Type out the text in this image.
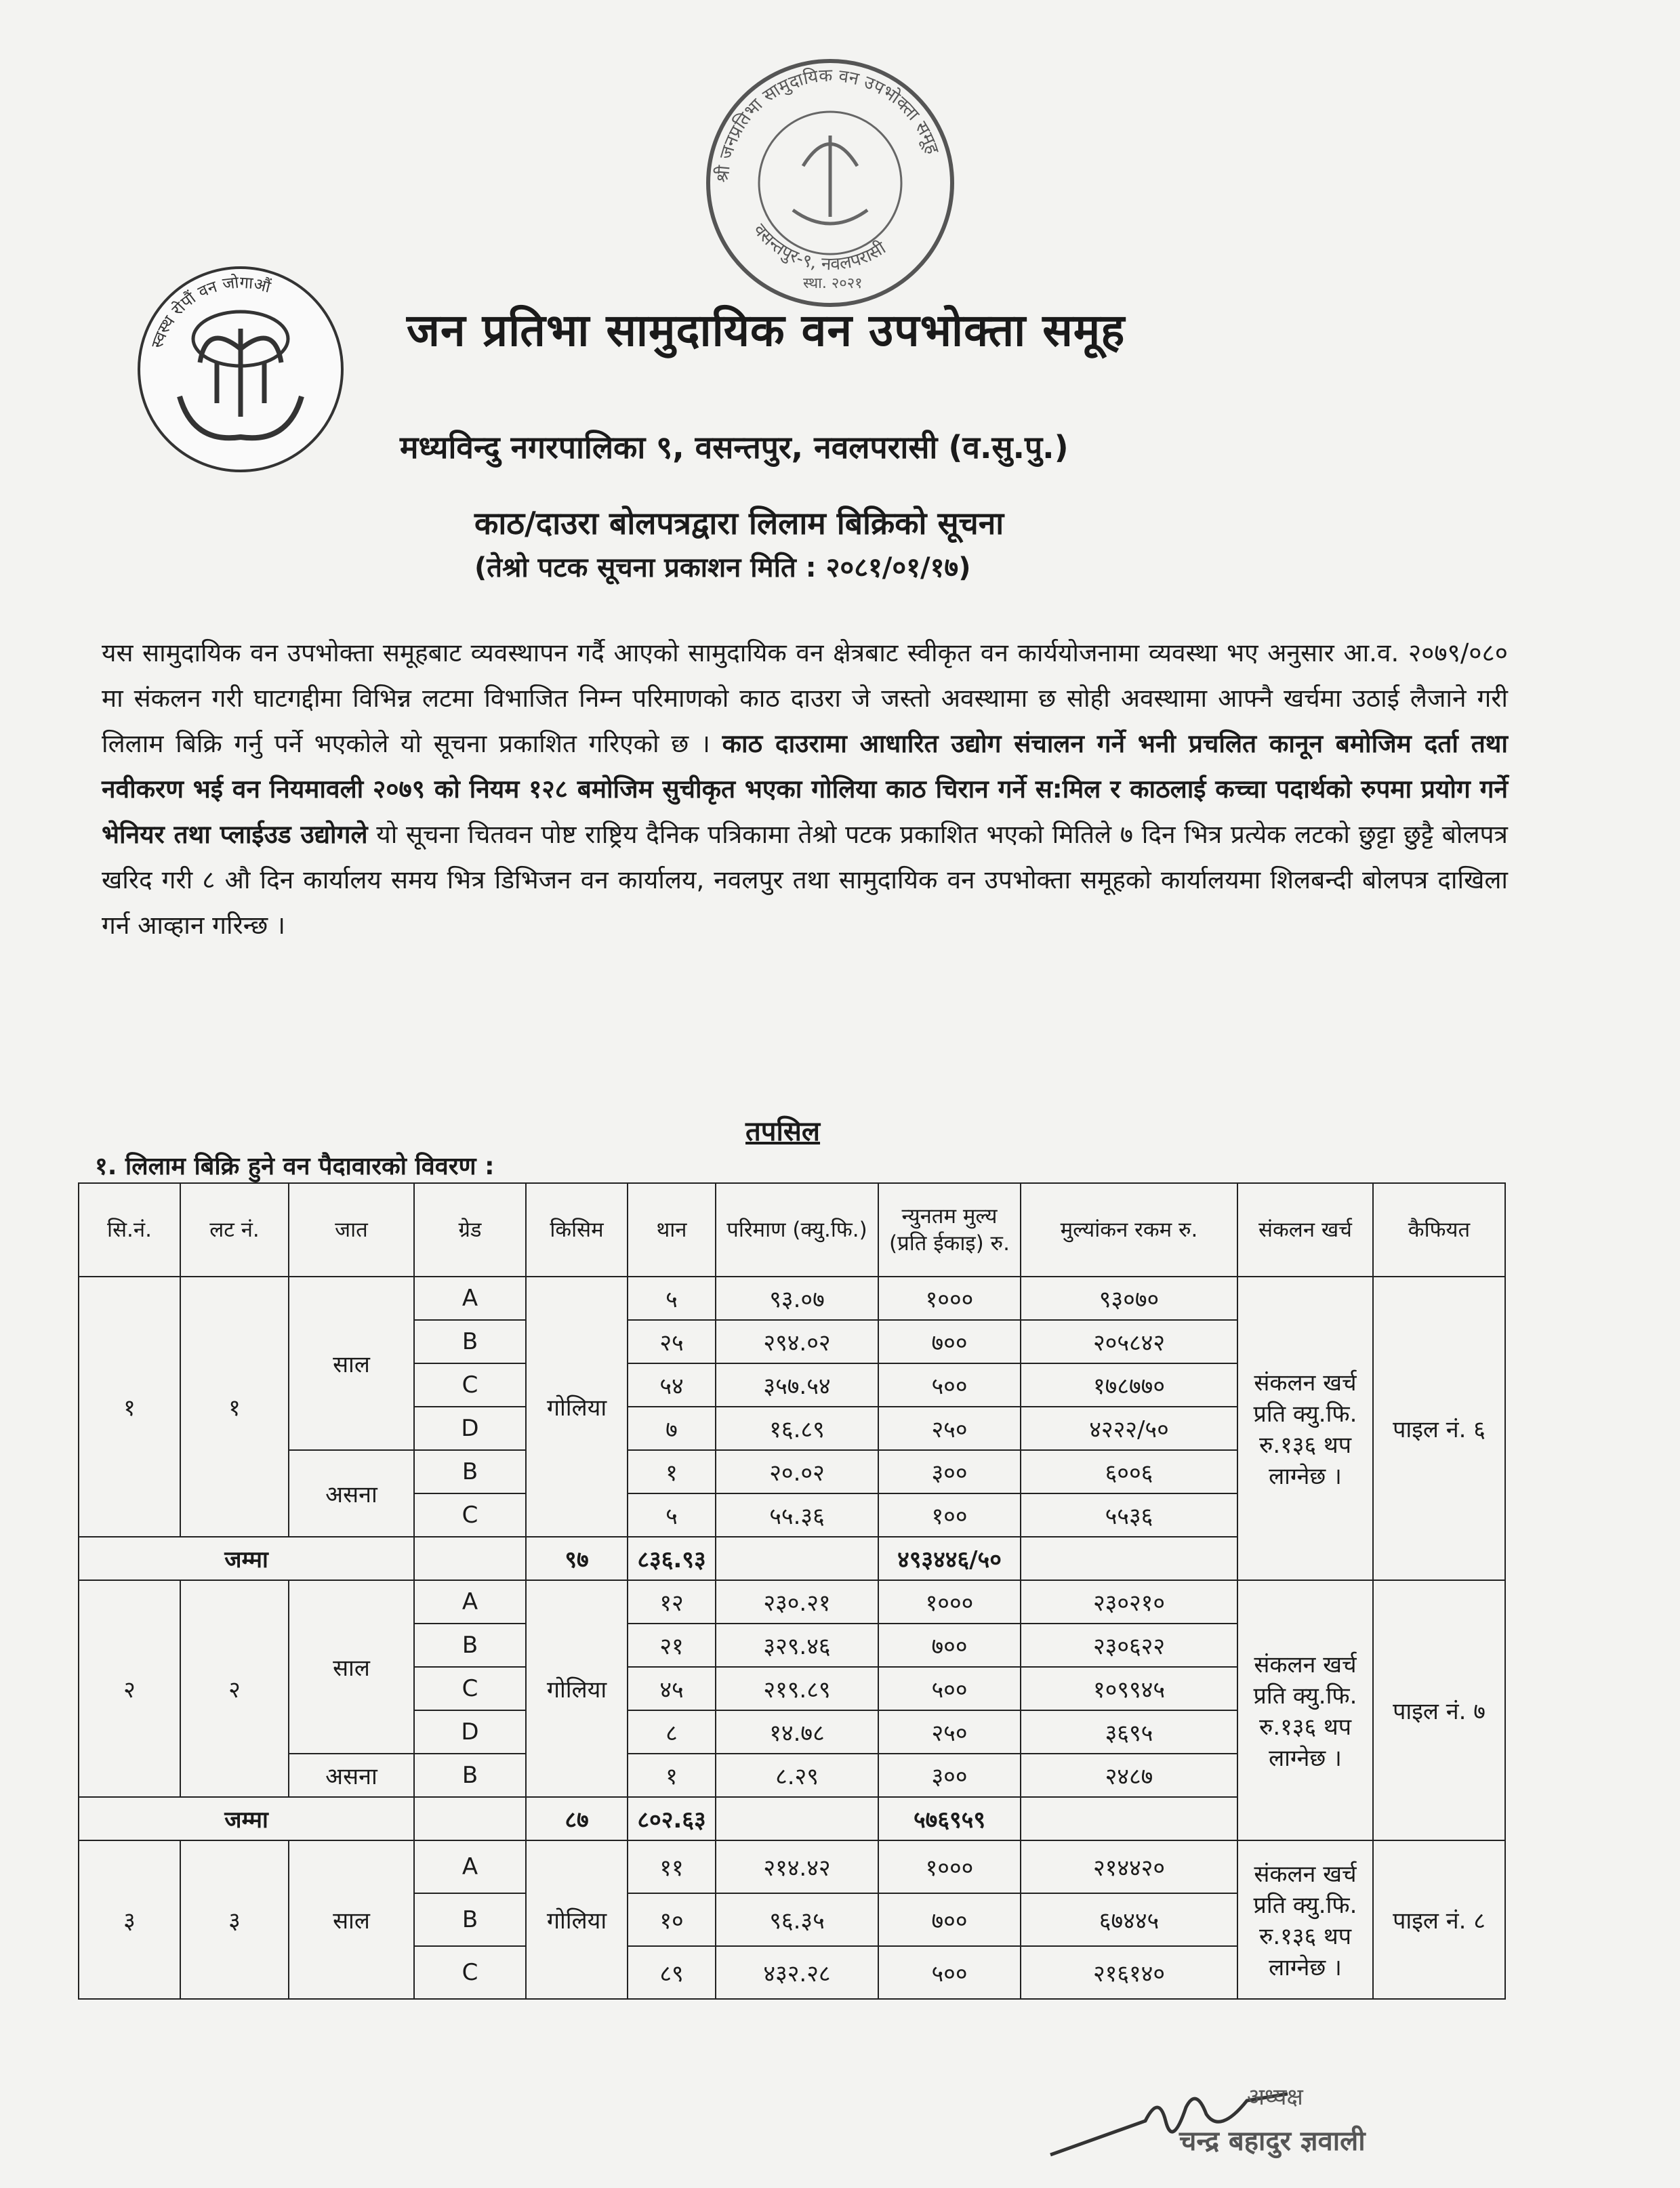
श्री जनप्रतिभा सामुदायिक वन उपभोक्ता समूह
वसन्तपुर-९, नवलपरासी
स्था. २०२१
स्वस्थ रोपौं वन जोगाऔं
जन प्रतिभा सामुदायिक वन उपभोक्ता समूह
मध्यविन्दु नगरपालिका ९, वसन्तपुर, नवलपरासी (व.सु.पु.)
काठ/दाउरा बोलपत्रद्वारा लिलाम बिक्रिको सूचना
(तेश्रो पटक सूचना प्रकाशन मिति : २०८१/०१/१७)
यस सामुदायिक वन उपभोक्ता समूहबाट व्यवस्थापन गर्दै आएको सामुदायिक वन क्षेत्रबाट स्वीकृत वन कार्ययोजनामा व्यवस्था भए अनुसार आ.व. २०७९/०८० मा संकलन गरी घाटगद्दीमा विभिन्न लटमा विभाजित निम्न परिमाणको काठ दाउरा जे जस्तो अवस्थामा छ सोही अवस्थामा आफ्नै खर्चमा उठाई लैजाने गरी लिलाम बिक्रि गर्नु पर्ने भएकोले यो सूचना प्रकाशित गरिएको छ । काठ दाउरामा आधारित उद्योग संचालन गर्ने भनी प्रचलित कानून बमोजिम दर्ता तथा नवीकरण भई वन नियमावली २०७९ को नियम १२८ बमोजिम सुचीकृत भएका गोलिया काठ चिरान गर्ने स:मिल र काठलाई कच्चा पदार्थको रुपमा प्रयोग गर्ने भेनियर तथा प्लाईउड उद्योगले यो सूचना चितवन पोष्ट राष्ट्रिय दैनिक पत्रिकामा तेश्रो पटक प्रकाशित भएको मितिले ७ दिन भित्र प्रत्येक लटको छुट्टा छुट्टै बोलपत्र खरिद गरी ८ औ दिन कार्यालय समय भित्र डिभिजन वन कार्यालय, नवलपुर तथा सामुदायिक वन उपभोक्ता समूहको कार्यालयमा शिलबन्दी बोलपत्र दाखिला गर्न आव्हान गरिन्छ ।
तपसिल
१. लिलाम बिक्रि हुने वन पैदावारको विवरण :
सि.नं.	लट नं.	जात	ग्रेड	किसिम	थान	परिमाण (क्यु.फि.)	न्युनतम मुल्य (प्रति ईकाइ) रु.	मुल्यांकन रकम रु.	संकलन खर्च	कैफियत
१	१	साल	A	गोलिया	५	९३.०७	१०००	९३०७०	संकलन खर्च प्रति क्यु.फि. रु.१३६ थप लाग्नेछ ।	पाइल नं. ६
			B		२५	२९४.०२	७००	२०५८४२		
			C		५४	३५७.५४	५००	१७८७७०		
			D		७	१६.८९	२५०	४२२२/५०		
		असना	B		१	२०.०२	३००	६००६		
			C		५	५५.३६	१००	५५३६		
जम्मा				९७	८३६.९३		४९३४४६/५०			
२	२	साल	A	गोलिया	१२	२३०.२१	१०००	२३०२१०	संकलन खर्च प्रति क्यु.फि. रु.१३६ थप लाग्नेछ ।	पाइल नं. ७
			B		२१	३२९.४६	७००	२३०६२२		
			C		४५	२१९.८९	५००	१०९९४५		
			D		८	१४.७८	२५०	३६९५		
		असना	B		१	८.२९	३००	२४८७		
जम्मा				८७	८०२.६३		५७६९५९			
३	३	साल	A	गोलिया	११	२१४.४२	१०००	२१४४२०	संकलन खर्च प्रति क्यु.फि. रु.१३६ थप लाग्नेछ ।	पाइल नं. ८
			B		१०	९६.३५	७००	६७४४५		
			C		८९	४३२.२८	५००	२१६१४०		
अध्यक्ष
चन्द्र बहादुर ज्ञवाली
